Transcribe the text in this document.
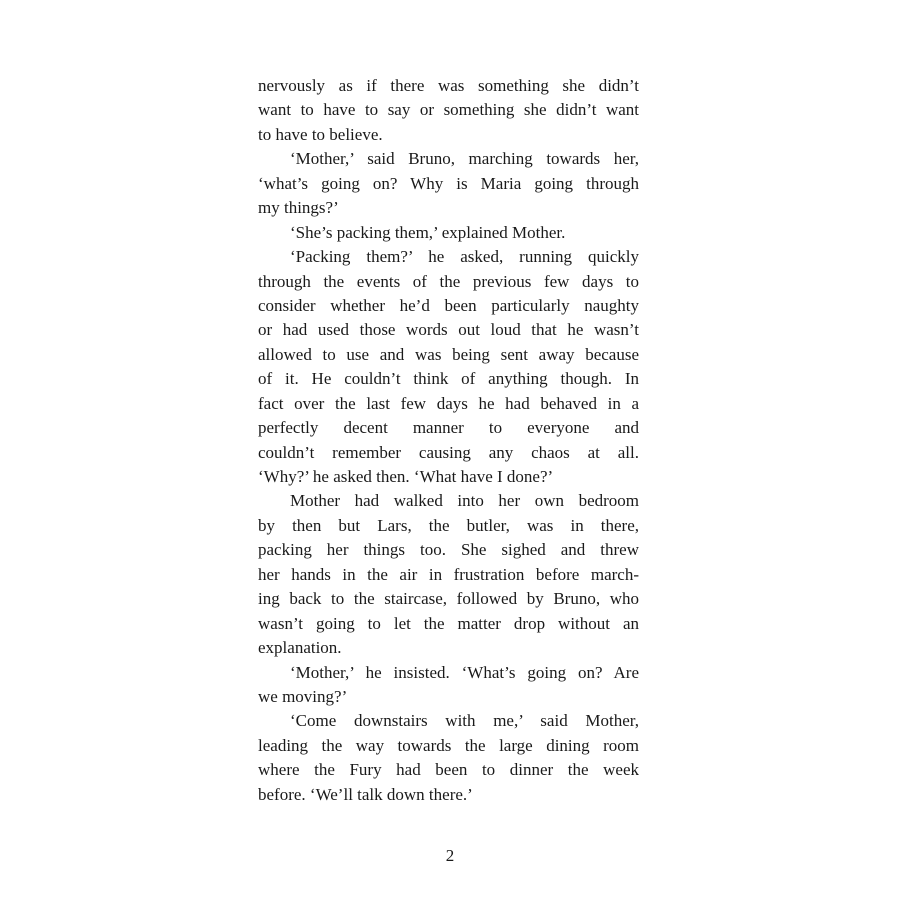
nervously as if there was something she didn’t
want to have to say or something she didn’t want
to have to believe.
‘Mother,’ said Bruno, marching towards her,
‘what’s going on? Why is Maria going through
my things?’
‘She’s packing them,’ explained Mother.
‘Packing them?’ he asked, running quickly
through the events of the previous few days to
consider whether he’d been particularly naughty
or had used those words out loud that he wasn’t
allowed to use and was being sent away because
of it. He couldn’t think of anything though. In
fact over the last few days he had behaved in a
perfectly decent manner to everyone and
couldn’t remember causing any chaos at all.
‘Why?’ he asked then. ‘What have I done?’
Mother had walked into her own bedroom
by then but Lars, the butler, was in there,
packing her things too. She sighed and threw
her hands in the air in frustration before march-
ing back to the staircase, followed by Bruno, who
wasn’t going to let the matter drop without an
explanation.
‘Mother,’ he insisted. ‘What’s going on? Are
we moving?’
‘Come downstairs with me,’ said Mother,
leading the way towards the large dining room
where the Fury had been to dinner the week
before. ‘We’ll talk down there.’
2
